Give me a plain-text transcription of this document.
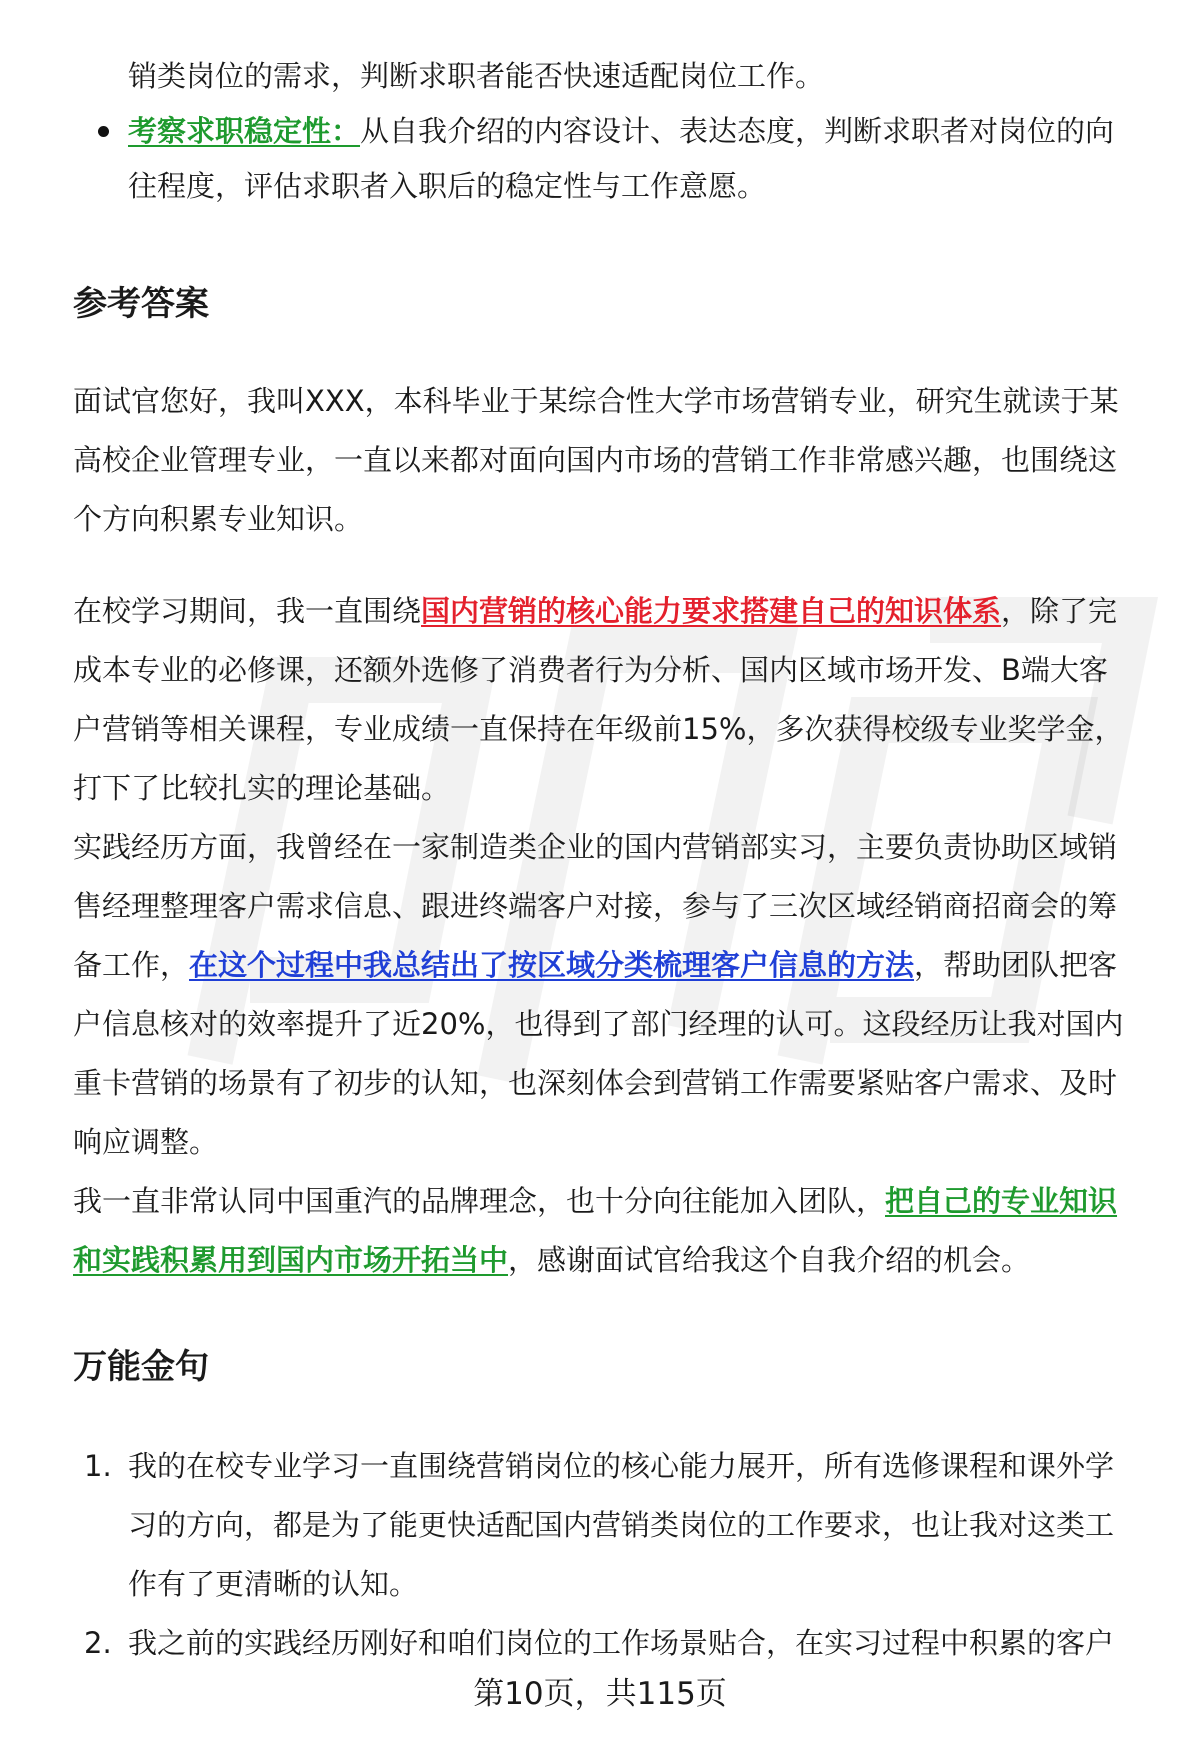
销类岗位的需求，判断求职者能否快速适配岗位工作。
考察求职稳定性：从自我介绍的内容设计、表达态度，判断求职者对岗位的向
往程度，评估求职者入职后的稳定性与工作意愿。
参考答案
面试官您好，我叫XXX，本科毕业于某综合性大学市场营销专业，研究生就读于某
高校企业管理专业，一直以来都对面向国内市场的营销工作非常感兴趣，也围绕这
个方向积累专业知识。
在校学习期间，我一直围绕国内营销的核心能力要求搭建自己的知识体系，除了完
成本专业的必修课，还额外选修了消费者行为分析、国内区域市场开发、B端大客
户营销等相关课程，专业成绩一直保持在年级前15%，多次获得校级专业奖学金，
打下了比较扎实的理论基础。
实践经历方面，我曾经在一家制造类企业的国内营销部实习，主要负责协助区域销
售经理整理客户需求信息、跟进终端客户对接，参与了三次区域经销商招商会的筹
备工作，在这个过程中我总结出了按区域分类梳理客户信息的方法，帮助团队把客
户信息核对的效率提升了近20%，也得到了部门经理的认可。这段经历让我对国内
重卡营销的场景有了初步的认知，也深刻体会到营销工作需要紧贴客户需求、及时
响应调整。
我一直非常认同中国重汽的品牌理念，也十分向往能加入团队，把自己的专业知识
和实践积累用到国内市场开拓当中，感谢面试官给我这个自我介绍的机会。
万能金句
1. 我的在校专业学习一直围绕营销岗位的核心能力展开，所有选修课程和课外学
习的方向，都是为了能更快适配国内营销类岗位的工作要求，也让我对这类工
作有了更清晰的认知。
2. 我之前的实践经历刚好和咱们岗位的工作场景贴合，在实习过程中积累的客户
第10页，共115页
